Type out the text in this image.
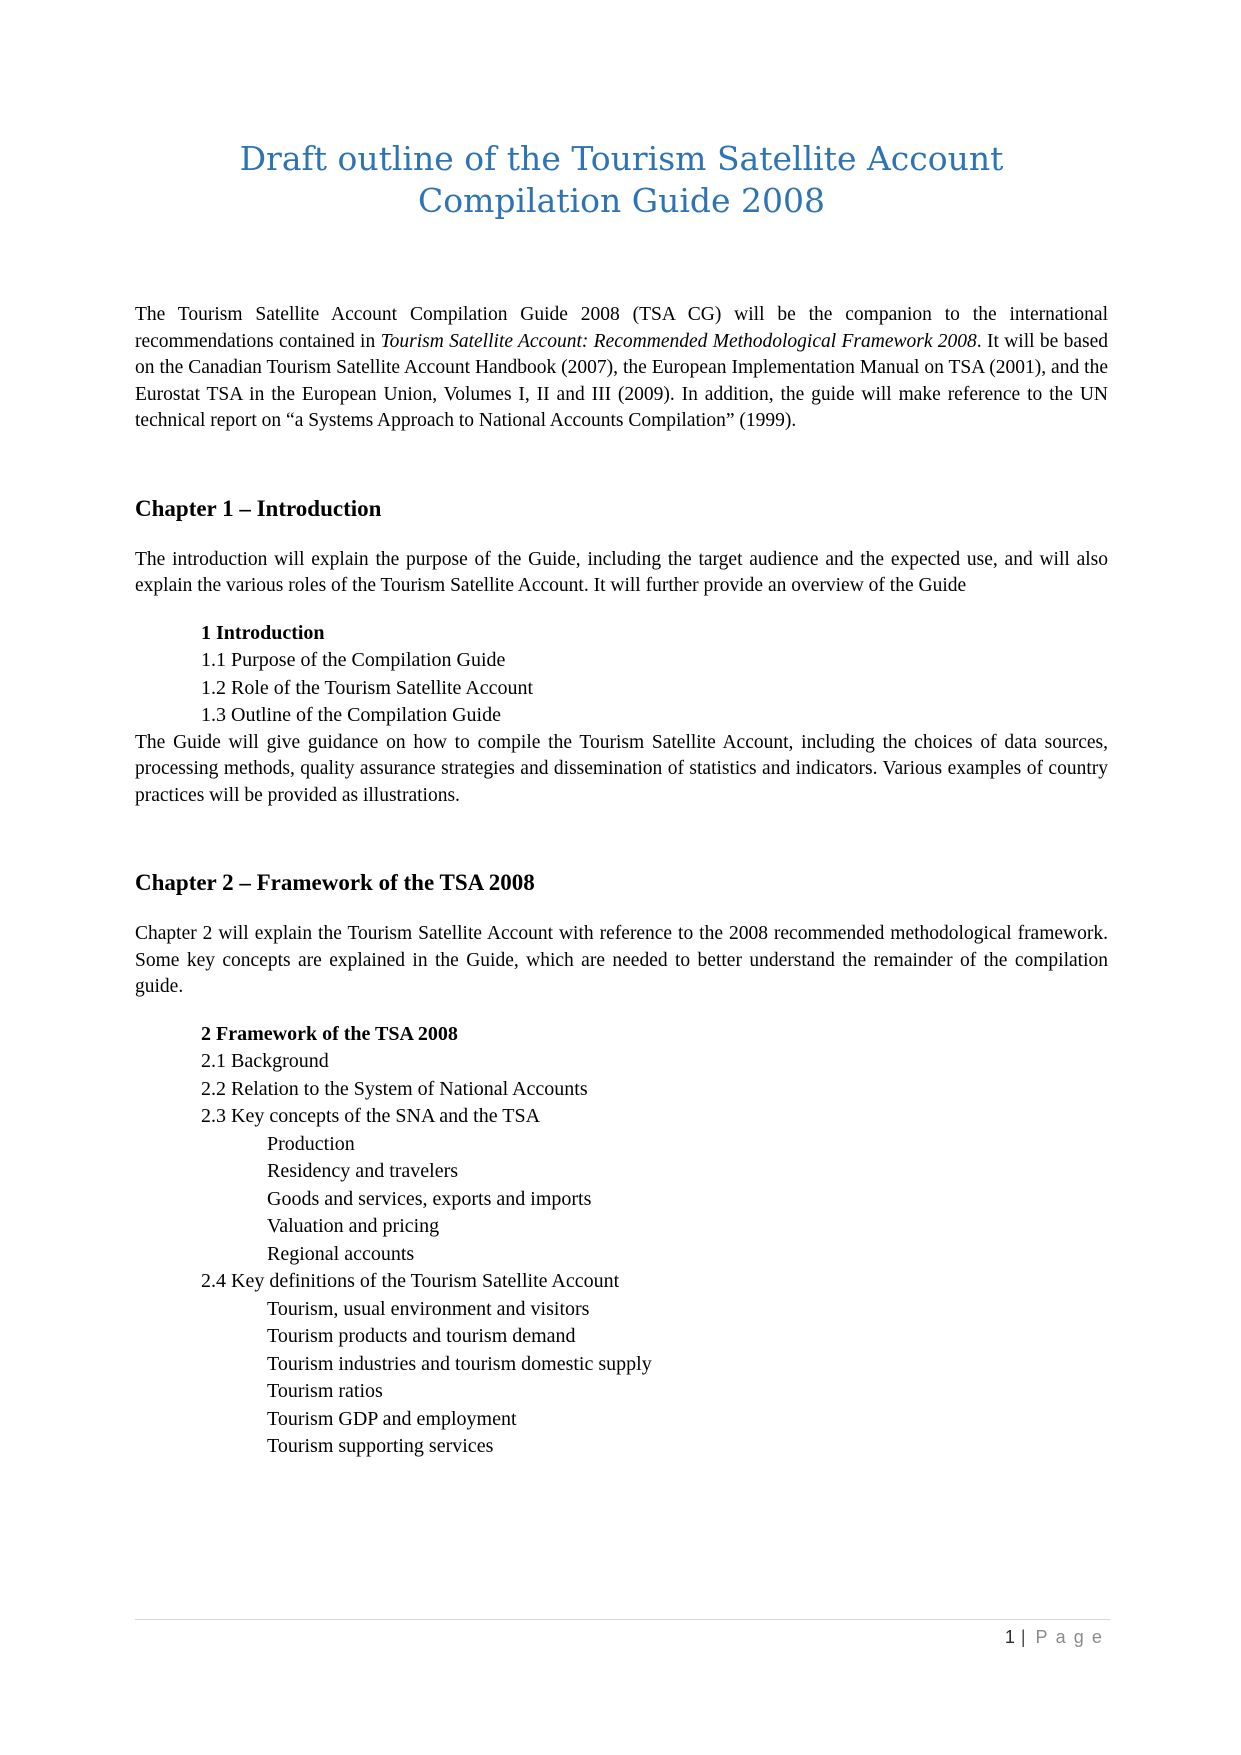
Draft outline of the Tourism Satellite Account
Compilation Guide 2008

The Tourism Satellite Account Compilation Guide 2008 (TSA CG) will be the companion to the international recommendations contained in Tourism Satellite Account: Recommended Methodological Framework 2008. It will be based on the Canadian Tourism Satellite Account Handbook (2007), the European Implementation Manual on TSA (2001), and the Eurostat TSA in the European Union, Volumes I, II and III (2009). In addition, the guide will make reference to the UN technical report on “a Systems Approach to National Accounts Compilation” (1999).

Chapter 1 – Introduction

The introduction will explain the purpose of the Guide, including the target audience and the expected use, and will also explain the various roles of the Tourism Satellite Account. It will further provide an overview of the Guide

1 Introduction
1.1 Purpose of the Compilation Guide
1.2 Role of the Tourism Satellite Account
1.3 Outline of the Compilation Guide

The Guide will give guidance on how to compile the Tourism Satellite Account, including the choices of data sources, processing methods, quality assurance strategies and dissemination of statistics and indicators. Various examples of country practices will be provided as illustrations.

Chapter 2 – Framework of the TSA 2008

Chapter 2 will explain the Tourism Satellite Account with reference to the 2008 recommended methodological framework. Some key concepts are explained in the Guide, which are needed to better understand the remainder of the compilation guide.

2 Framework of the TSA 2008
2.1 Background
2.2 Relation to the System of National Accounts
2.3 Key concepts of the SNA and the TSA
Production
Residency and travelers
Goods and services, exports and imports
Valuation and pricing
Regional accounts
2.4 Key definitions of the Tourism Satellite Account
Tourism, usual environment and visitors
Tourism products and tourism demand
Tourism industries and tourism domestic supply
Tourism ratios
Tourism GDP and employment
Tourism supporting services
1 | Page
